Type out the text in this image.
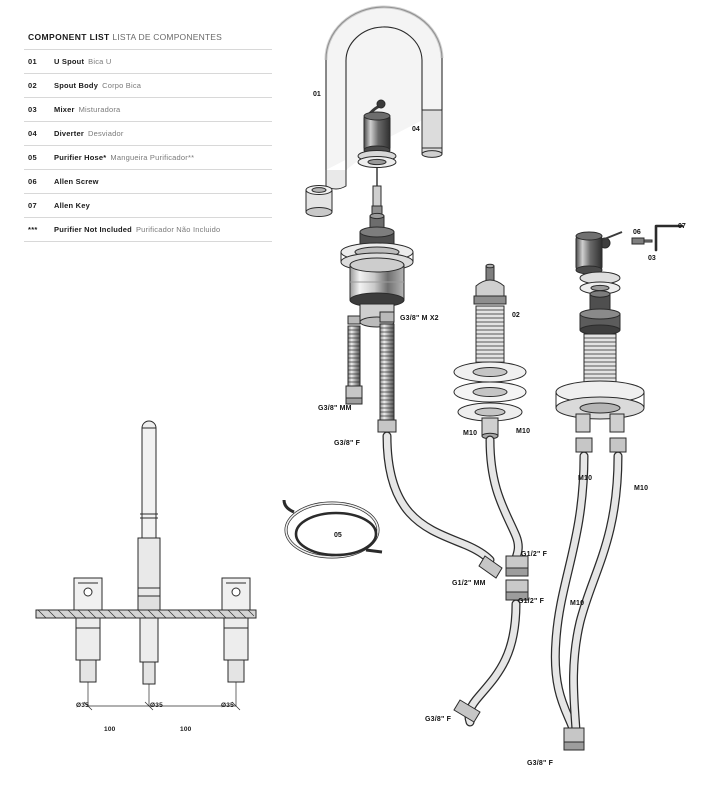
COMPONENT LIST LISTA DE COMPONENTES
01	U Spout Bica U
02	Spout Body Corpo Bica
03	Mixer Misturadora
04	Diverter Desviador
05	Purifier Hose* Mangueira Purificador**
06	Allen Screw
07	Allen Key
***	Purifier Not Included Purificador Não Incluido
01
04
02
05
06
07
03
G3/8" M X2
G3/8" MM
G3/8" F
M10	M10
M10
M10
M10
G1/2" F
G1/2" MM
G1/2" F
G3/8" F
G3/8" F
Ø35	Ø35	Ø35
100	100
